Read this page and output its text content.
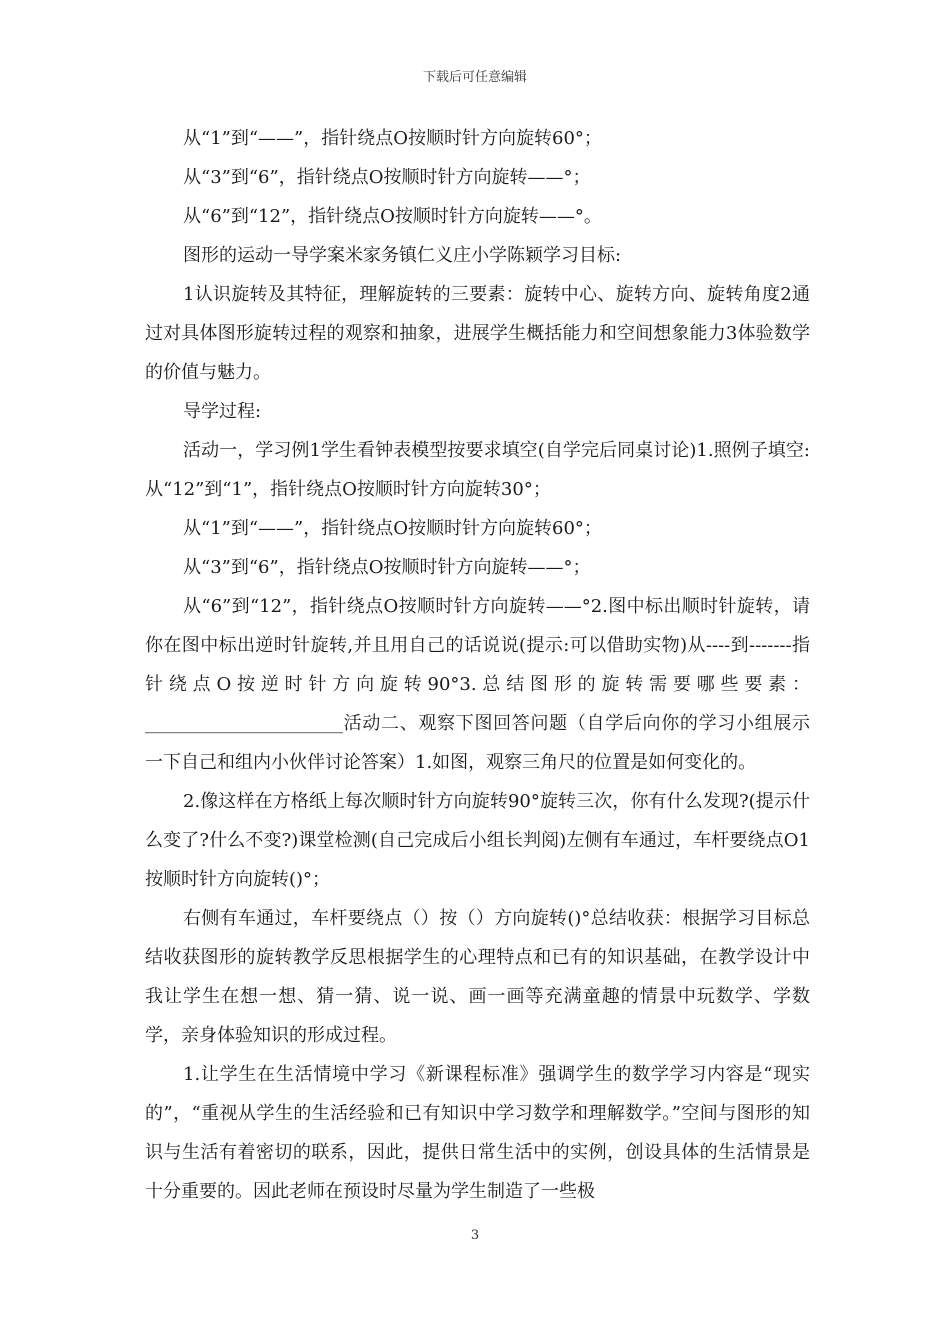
下载后可任意编辑

从“1”到“——”，指针绕点O按顺时针方向旋转60°；

从“3”到“6”，指针绕点O按顺时针方向旋转——°；

从“6”到“12”，指针绕点O按顺时针方向旋转——°。

图形的运动一导学案米家务镇仁义庄小学陈颖学习目标:

1认识旋转及其特征，理解旋转的三要素：旋转中心、旋转方向、旋转角度2通过对具体图形旋转过程的观察和抽象，进展学生概括能力和空间想象能力3体验数学的价值与魅力。

导学过程:

活动一，学习例1学生看钟表模型按要求填空(自学完后同桌讨论)1.照例子填空:从“12”到“1”，指针绕点O按顺时针方向旋转30°；

从“1”到“——”，指针绕点O按顺时针方向旋转60°；

从“3”到“6”，指针绕点O按顺时针方向旋转——°；

从“6”到“12”，指针绕点O按顺时针方向旋转——°2.图中标出顺时针旋转，请你在图中标出逆时针旋转,并且用自己的话说说(提示:可以借助实物)从----到-------指针绕点O按逆时针方向旋转90°3.总结图形的旋转需要哪些要素：______________________活动二、观察下图回答问题（自学后向你的学习小组展示一下自己和组内小伙伴讨论答案）1.如图，观察三角尺的位置是如何变化的。

2.像这样在方格纸上每次顺时针方向旋转90°旋转三次，你有什么发现?(提示什么变了?什么不变?)课堂检测(自己完成后小组长判阅)左侧有车通过，车杆要绕点O1按顺时针方向旋转()°；

右侧有车通过，车杆要绕点（）按（）方向旋转()°总结收获：根据学习目标总结收获图形的旋转教学反思根据学生的心理特点和已有的知识基础，在教学设计中我让学生在想一想、猜一猜、说一说、画一画等充满童趣的情景中玩数学、学数学，亲身体验知识的形成过程。

1.让学生在生活情境中学习《新课程标准》强调学生的数学学习内容是“现实的”，“重视从学生的生活经验和已有知识中学习数学和理解数学。”空间与图形的知识与生活有着密切的联系，因此，提供日常生活中的实例，创设具体的生活情景是十分重要的。因此老师在预设时尽量为学生制造了一些极

3
